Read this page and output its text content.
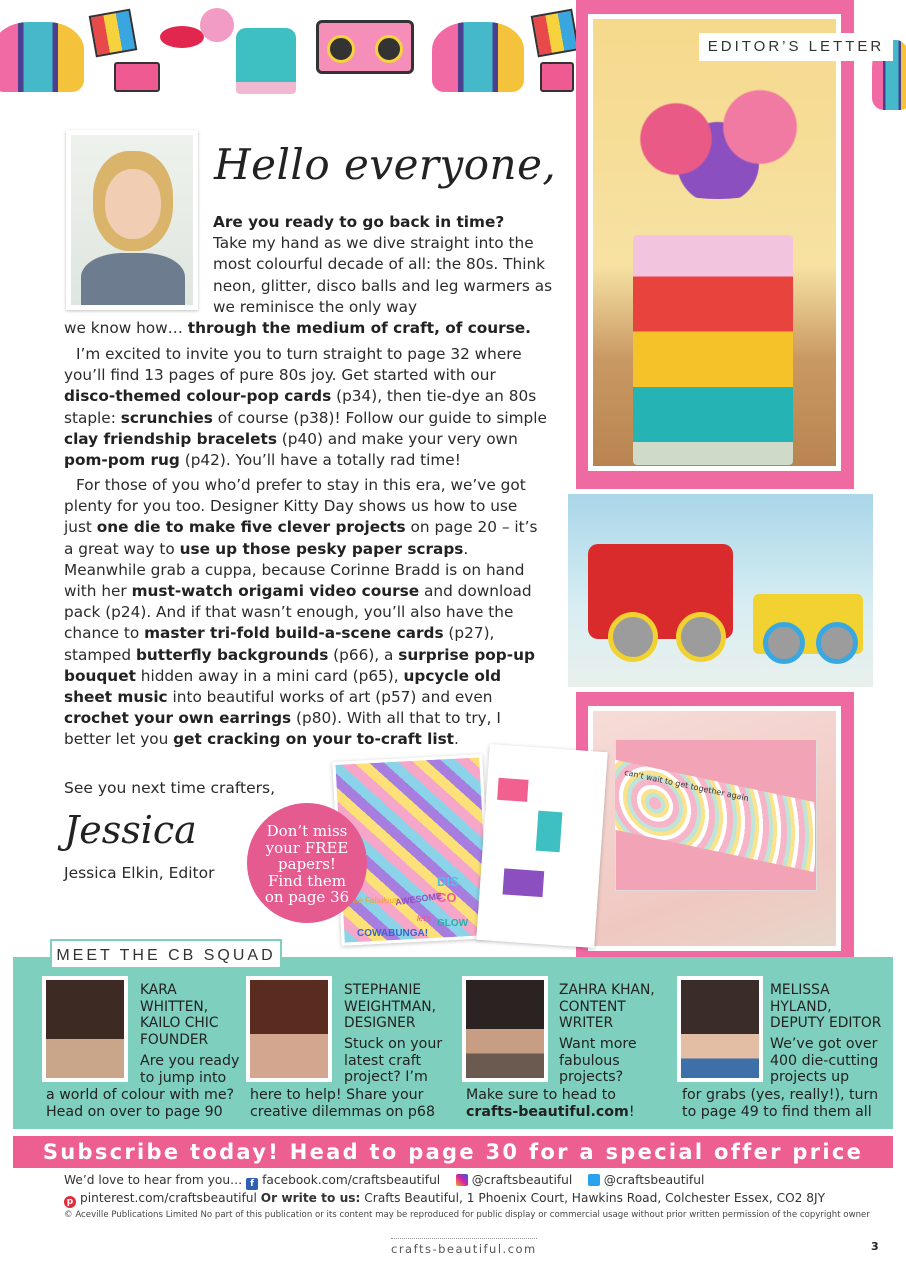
EDITOR’S LETTER
can't wait to get together again
Hello everyone,
Are you ready to go back in time?
Take my hand as we dive straight into the most colourful decade of all: the 80s. Think neon, glitter, disco balls and leg warmers as we reminisce the only way
we know how… through the medium of craft, of course.

I’m excited to invite you to turn straight to page 32 where you’ll find 13 pages of pure 80s joy. Get started with our disco-themed colour-pop cards (p34), then tie-dye an 80s staple: scrunchies of course (p38)! Follow our guide to simple clay friendship bracelets (p40) and make your very own pom-pom rug (p42). You’ll have a totally rad time!

For those of you who’d prefer to stay in this era, we’ve got plenty for you too. Designer Kitty Day shows us how to use just one die to make five clever projects on page 20 – it’s a great way to use up those pesky paper scraps. Meanwhile grab a cuppa, because Corinne Bradd is on hand with her must-watch origami video course and download pack (p24). And if that wasn’t enough, you’ll also have the chance to master tri-fold build-a-scene cards (p27), stamped butterfly backgrounds (p66), a surprise pop-up bouquet hidden away in a mini card (p65), upcycle old sheet music into beautiful works of art (p57) and even crochet your own earrings (p80). With all that to try, I better let you get cracking on your to-craft list.

See you next time crafters,
Jessica
Jessica Elkin, Editor	DIS
CO
AWESOME
GLOW
COWABUNGA!
let's
Be Fabulous
Don’t miss your FREE papers! Find them on page 36
MEET THE CB SQUAD
KARA WHITTEN, KAILO CHIC FOUNDER
Are you ready to jump into
a world of colour with me? Head on over to page 90
STEPHANIE WEIGHTMAN, DESIGNER
Stuck on your latest craft project? I’m
here to help! Share your creative dilemmas on p68
ZAHRA KHAN, CONTENT WRITER
Want more fabulous projects?
Make sure to head to crafts-beautiful.com!
MELISSA HYLAND, DEPUTY EDITOR
We’ve got over 400 die-cutting projects up
for grabs (yes, really!), turn to page 49 to find them all
Subscribe today! Head to page 30 for a special offer price
We’d love to hear from you… f facebook.com/craftsbeautiful	@craftsbeautiful	@craftsbeautiful
p pinterest.com/craftsbeautiful Or write to us: Crafts Beautiful, 1 Phoenix Court, Hawkins Road, Colchester Essex, CO2 8JY
© Aceville Publications Limited No part of this publication or its content may be reproduced for public display or commercial usage without prior written permission of the copyright owner
crafts-beautiful.com	3
